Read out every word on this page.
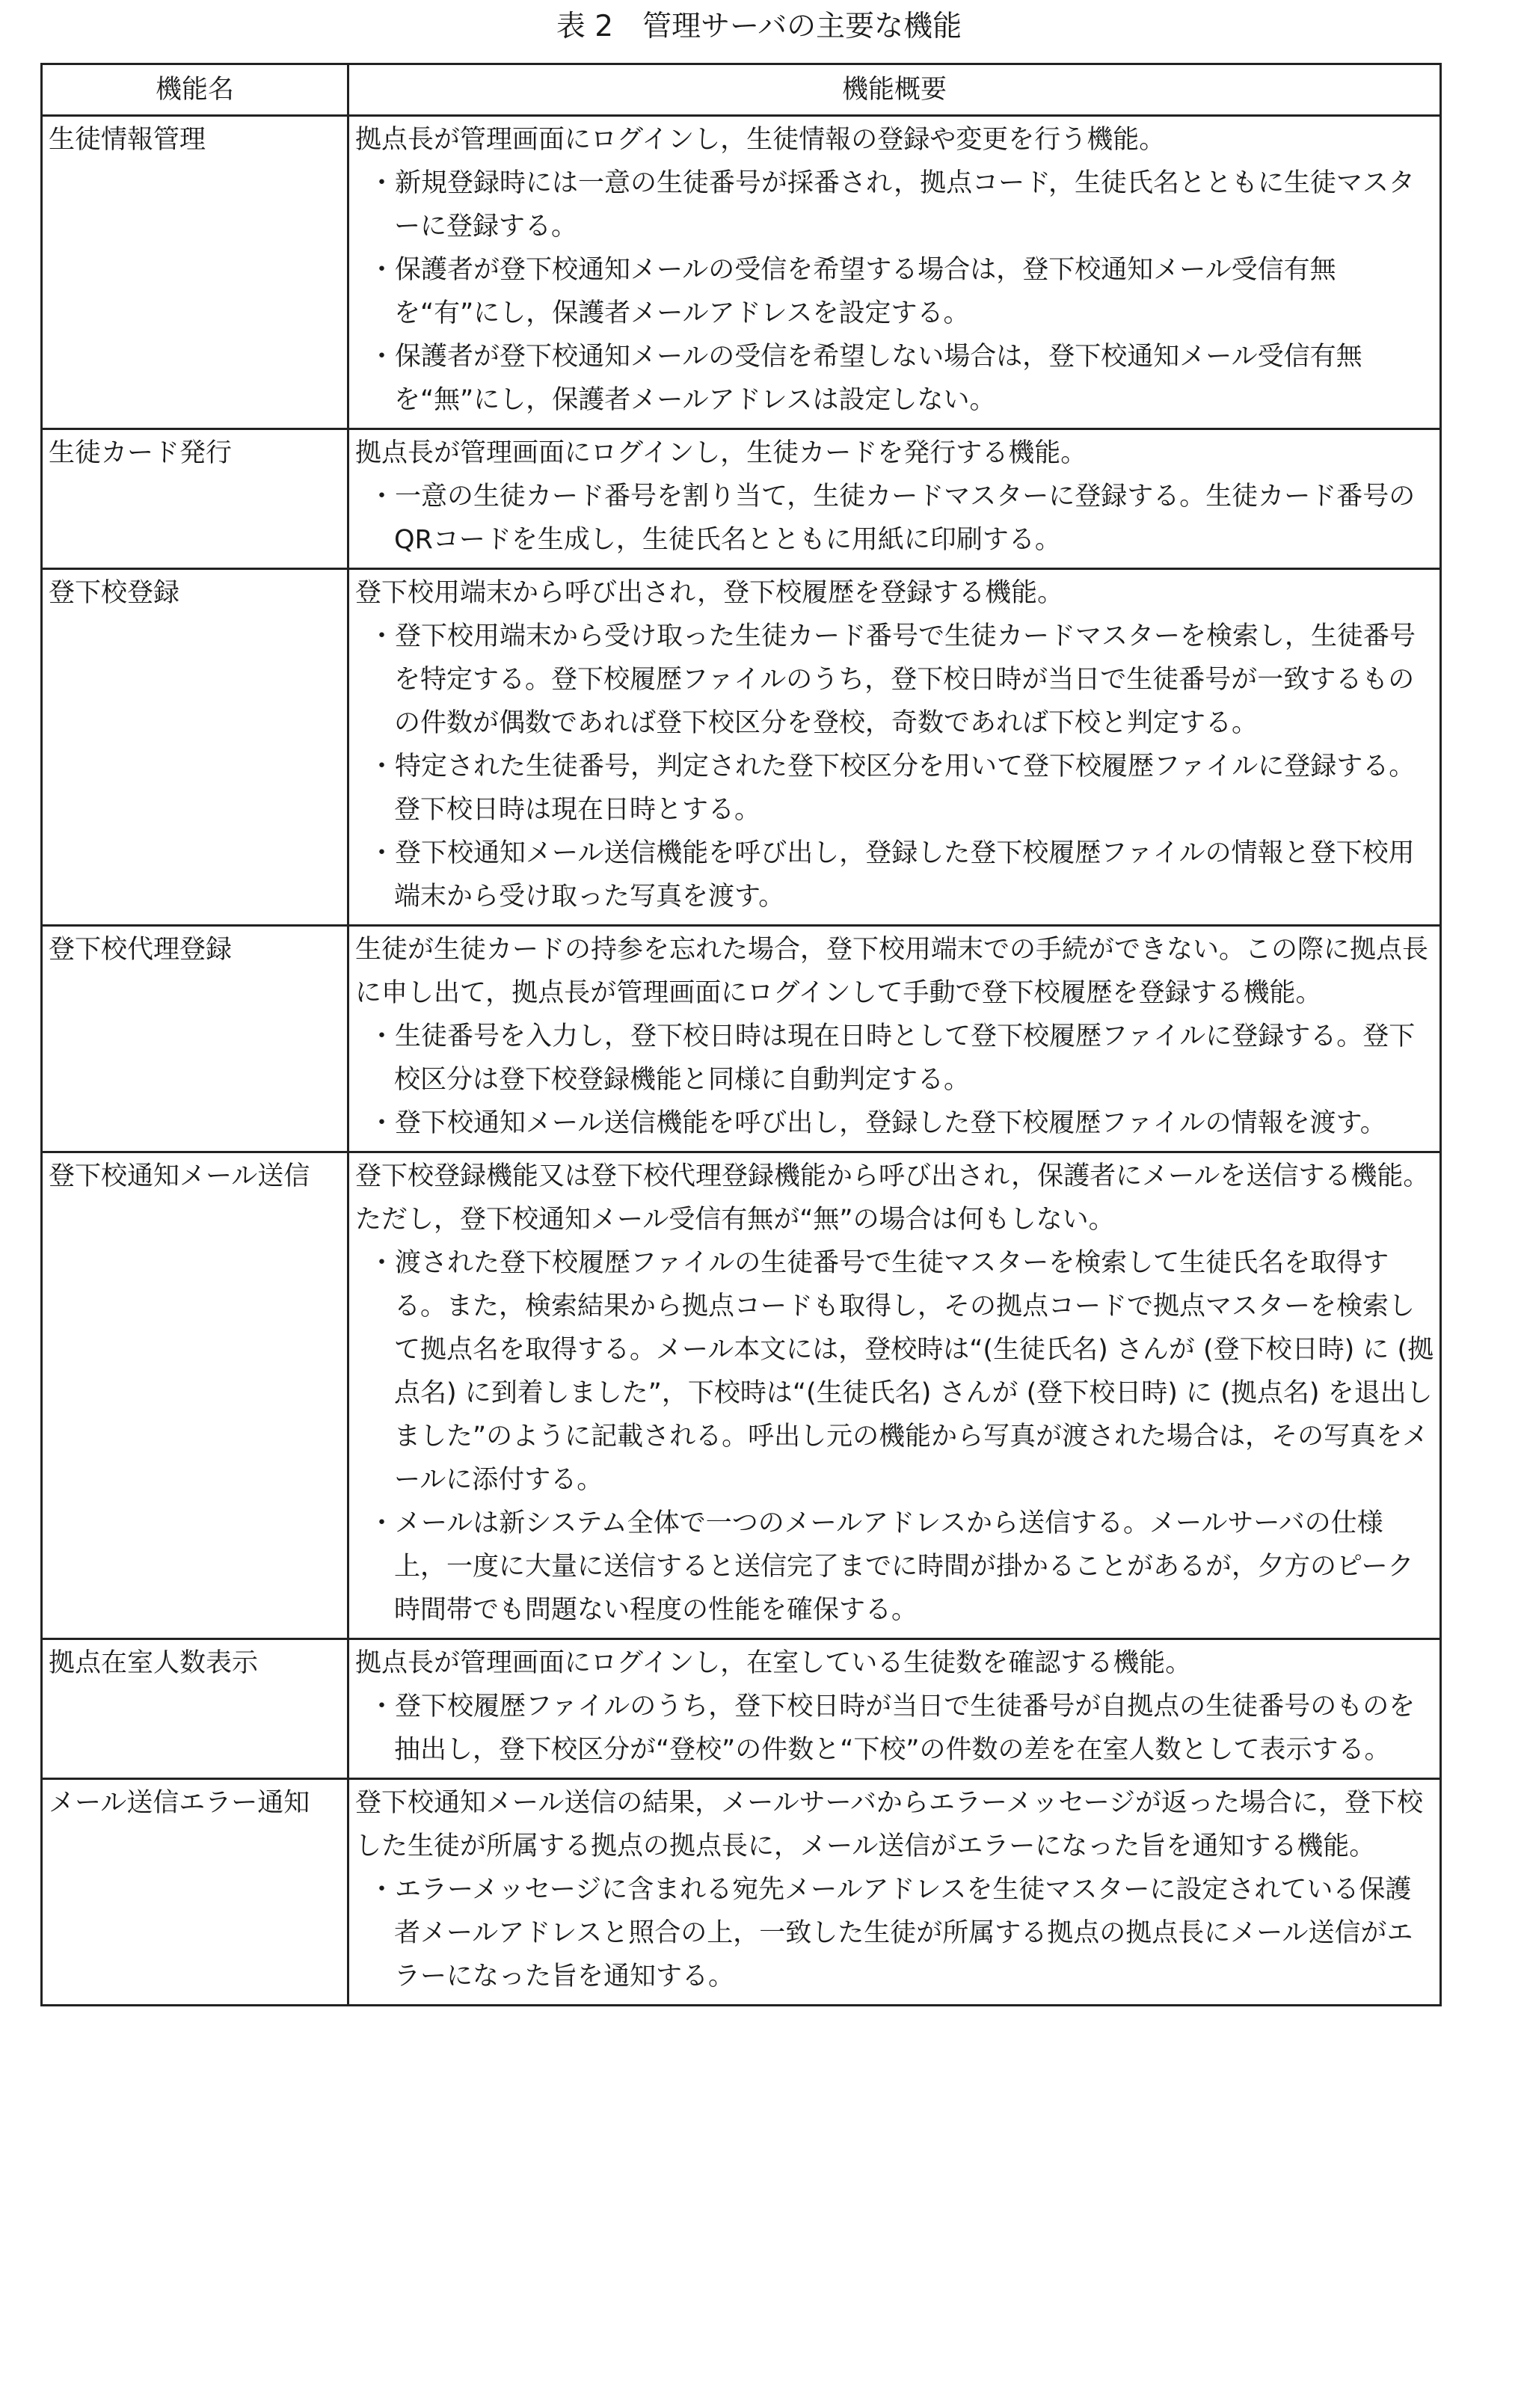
表 2　管理サーバの主要な機能
機能名	機能概要
生徒情報管理	拠点長が管理画面にログインし，生徒情報の登録や変更を行う機能。

・新規登録時には一意の生徒番号が採番され，拠点コード，生徒氏名とともに生徒マスターに登録する。

・保護者が登下校通知メールの受信を希望する場合は，登下校通知メール受信有無を“有”にし，保護者メールアドレスを設定する。

・保護者が登下校通知メールの受信を希望しない場合は，登下校通知メール受信有無を“無”にし，保護者メールアドレスは設定しない。

生徒カード発行	拠点長が管理画面にログインし，生徒カードを発行する機能。

・一意の生徒カード番号を割り当て，生徒カードマスターに登録する。生徒カード番号のQRコードを生成し，生徒氏名とともに用紙に印刷する。

登下校登録	登下校用端末から呼び出され，登下校履歴を登録する機能。

・登下校用端末から受け取った生徒カード番号で生徒カードマスターを検索し，生徒番号を特定する。登下校履歴ファイルのうち，登下校日時が当日で生徒番号が一致するものの件数が偶数であれば登下校区分を登校，奇数であれば下校と判定する。

・特定された生徒番号，判定された登下校区分を用いて登下校履歴ファイルに登録する。登下校日時は現在日時とする。

・登下校通知メール送信機能を呼び出し，登録した登下校履歴ファイルの情報と登下校用端末から受け取った写真を渡す。

登下校代理登録	生徒が生徒カードの持参を忘れた場合，登下校用端末での手続ができない。この際に拠点長に申し出て，拠点長が管理画面にログインして手動で登下校履歴を登録する機能。

・生徒番号を入力し，登下校日時は現在日時として登下校履歴ファイルに登録する。登下校区分は登下校登録機能と同様に自動判定する。

・登下校通知メール送信機能を呼び出し，登録した登下校履歴ファイルの情報を渡す。

登下校通知メール送信	登下校登録機能又は登下校代理登録機能から呼び出され，保護者にメールを送信する機能。ただし，登下校通知メール受信有無が“無”の場合は何もしない。

・渡された登下校履歴ファイルの生徒番号で生徒マスターを検索して生徒氏名を取得する。また，検索結果から拠点コードも取得し，その拠点コードで拠点マスターを検索して拠点名を取得する。メール本文には，登校時は“(生徒氏名) さんが (登下校日時) に (拠点名) に到着しました”，下校時は“(生徒氏名) さんが (登下校日時) に (拠点名) を退出しました”のように記載される。呼出し元の機能から写真が渡された場合は，その写真をメールに添付する。

・メールは新システム全体で一つのメールアドレスから送信する。メールサーバの仕様上，一度に大量に送信すると送信完了までに時間が掛かることがあるが，夕方のピーク時間帯でも問題ない程度の性能を確保する。

拠点在室人数表示	拠点長が管理画面にログインし，在室している生徒数を確認する機能。

・登下校履歴ファイルのうち，登下校日時が当日で生徒番号が自拠点の生徒番号のものを抽出し，登下校区分が“登校”の件数と“下校”の件数の差を在室人数として表示する。

メール送信エラー通知	登下校通知メール送信の結果，メールサーバからエラーメッセージが返った場合に，登下校した生徒が所属する拠点の拠点長に，メール送信がエラーになった旨を通知する機能。

・エラーメッセージに含まれる宛先メールアドレスを生徒マスターに設定されている保護者メールアドレスと照合の上，一致した生徒が所属する拠点の拠点長にメール送信がエラーになった旨を通知する。
